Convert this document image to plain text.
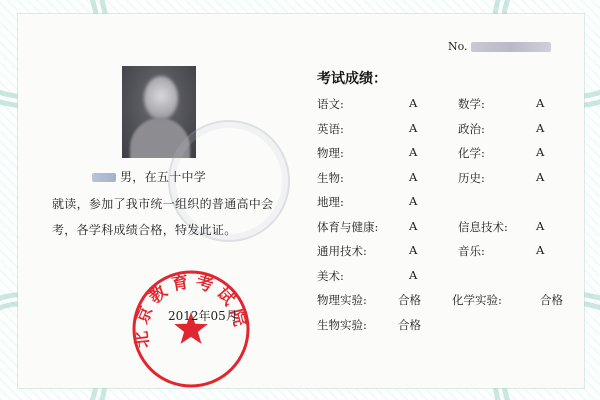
No.
男，在五十中学
就读，参加了我市统一组织的普通高中会
考，各学科成绩合格，特发此证。
北京教育考试院
2012年05月
考试成绩：
语文:	A	数学:	A
英语:	A	政治:	A
物理:	A	化学:	A
生物:	A	历史:	A
地理:	A
体育与健康:	A	信息技术: A
通用技术:	A	音乐:	A
美术:	A
物理实验:	合格	化学实验:	合格
生物实验:	合格
